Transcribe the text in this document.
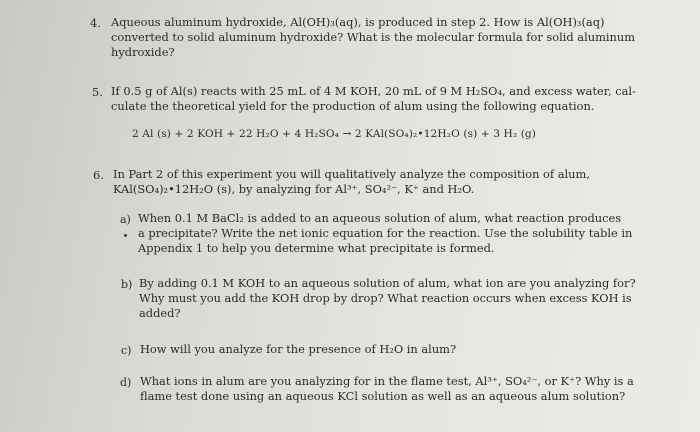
4. Aqueous aluminum hydroxide, Al(OH)₃(aq), is produced in step 2. How is Al(OH)₃(aq)
converted to solid aluminum hydroxide? What is the molecular formula for solid aluminum
hydroxide?
5. If 0.5 g of Al(s) reacts with 25 mL of 4 M KOH, 20 mL of 9 M H₂SO₄, and excess water, cal-
culate the theoretical yield for the production of alum using the following equation.
2 Al (s) + 2 KOH + 22 H₂O + 4 H₂SO₄ → 2 KAl(SO₄)₂•12H₂O (s) + 3 H₂ (g)
6. In Part 2 of this experiment you will qualitatively analyze the composition of alum,
KAl(SO₄)₂•12H₂O (s), by analyzing for Al³⁺, SO₄²⁻, K⁺ and H₂O.
a) When 0.1 M BaCl₂ is added to an aqueous solution of alum, what reaction produces
a precipitate? Write the net ionic equation for the reaction. Use the solubility table in
Appendix 1 to help you determine what precipitate is formed.
b) By adding 0.1 M KOH to an aqueous solution of alum, what ion are you analyzing for?
Why must you add the KOH drop by drop? What reaction occurs when excess KOH is
added?
c) How will you analyze for the presence of H₂O in alum?
d) What ions in alum are you analyzing for in the flame test, Al³⁺, SO₄²⁻, or K⁺? Why is a
flame test done using an aqueous KCl solution as well as an aqueous alum solution?
